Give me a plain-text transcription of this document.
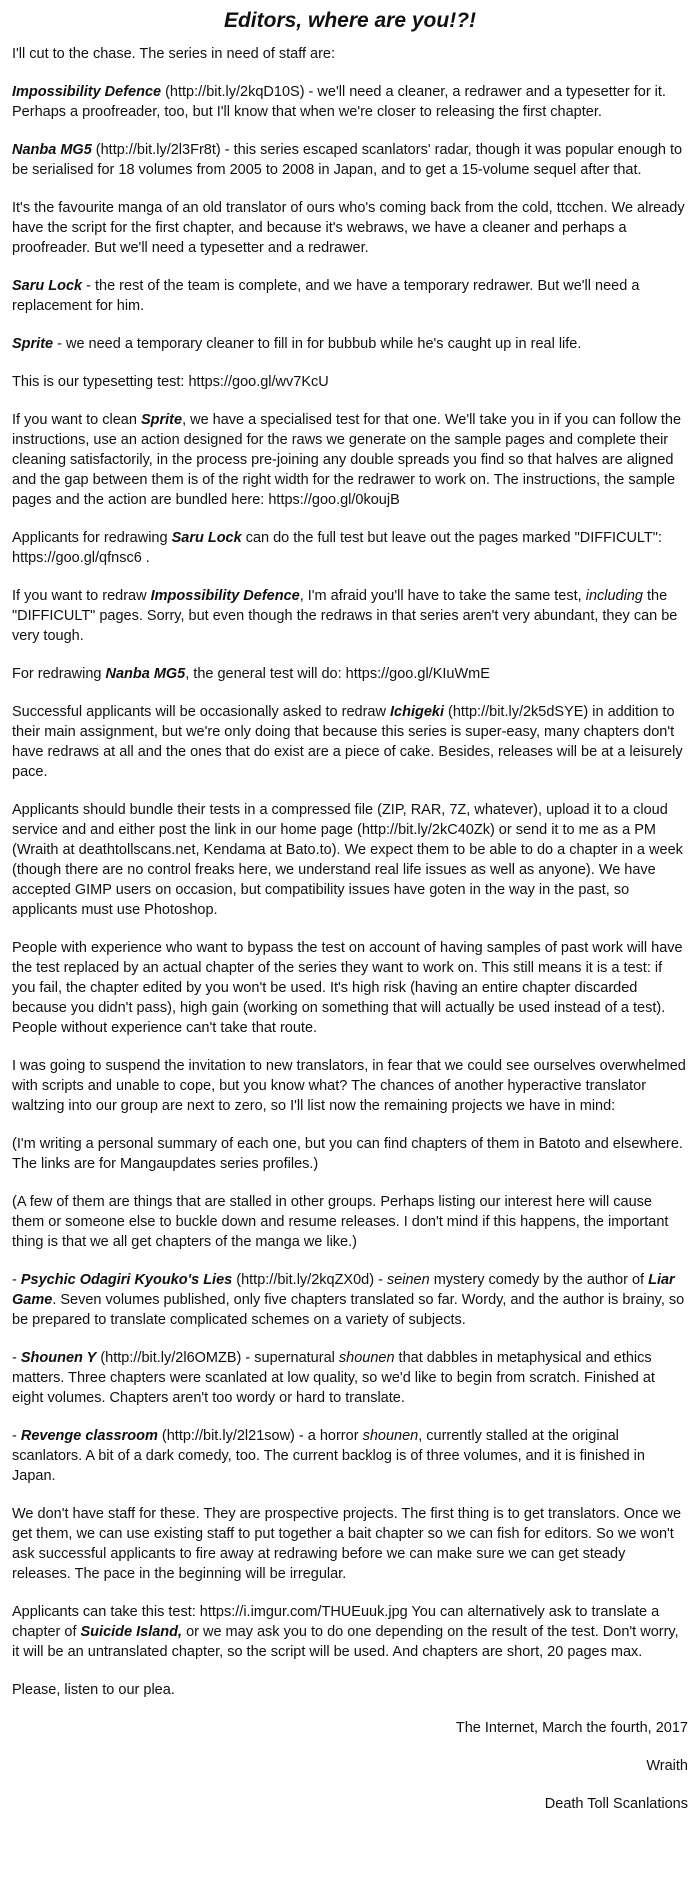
Editors, where are you!?!

I'll cut to the chase. The series in need of staff are:

Impossibility Defence (http://bit.ly/2kqD10S) - we'll need a cleaner, a redrawer and a typesetter for it. Perhaps a proofreader, too, but I'll know that when we're closer to releasing the first chapter.

Nanba MG5 (http://bit.ly/2l3Fr8t) - this series escaped scanlators' radar, though it was popular enough to be serialised for 18 volumes from 2005 to 2008 in Japan, and to get a 15-volume sequel after that.

It's the favourite manga of an old translator of ours who's coming back from the cold, ttcchen. We already have the script for the first chapter, and because it's webraws, we have a cleaner and perhaps a proofreader. But we'll need a typesetter and a redrawer.

Saru Lock - the rest of the team is complete, and we have a temporary redrawer. But we'll need a replacement for him.

Sprite - we need a temporary cleaner to fill in for bubbub while he's caught up in real life.

This is our typesetting test: https://goo.gl/wv7KcU

If you want to clean Sprite, we have a specialised test for that one. We'll take you in if you can follow the instructions, use an action designed for the raws we generate on the sample pages and complete their cleaning satisfactorily, in the process pre-joining any double spreads you find so that halves are aligned and the gap between them is of the right width for the redrawer to work on. The instructions, the sample pages and the action are bundled here: https://goo.gl/0koujB

Applicants for redrawing Saru Lock can do the full test but leave out the pages marked "DIFFICULT": https://goo.gl/qfnsc6 .

If you want to redraw Impossibility Defence, I'm afraid you'll have to take the same test, including the "DIFFICULT" pages. Sorry, but even though the redraws in that series aren't very abundant, they can be very tough.

For redrawing Nanba MG5, the general test will do: https://goo.gl/KIuWmE

Successful applicants will be occasionally asked to redraw Ichigeki (http://bit.ly/2k5dSYE) in addition to their main assignment, but we're only doing that because this series is super-easy, many chapters don't have redraws at all and the ones that do exist are a piece of cake. Besides, releases will be at a leisurely pace.

Applicants should bundle their tests in a compressed file (ZIP, RAR, 7Z, whatever), upload it to a cloud service and and either post the link in our home page (http://bit.ly/2kC40Zk) or send it to me as a PM (Wraith at deathtollscans.net, Kendama at Bato.to). We expect them to be able to do a chapter in a week (though there are no control freaks here, we understand real life issues as well as anyone). We have accepted GIMP users on occasion, but compatibility issues have goten in the way in the past, so applicants must use Photoshop.

People with experience who want to bypass the test on account of having samples of past work will have the test replaced by an actual chapter of the series they want to work on. This still means it is a test: if you fail, the chapter edited by you won't be used. It's high risk (having an entire chapter discarded because you didn't pass), high gain (working on something that will actually be used instead of a test). People without experience can't take that route.

I was going to suspend the invitation to new translators, in fear that we could see ourselves overwhelmed with scripts and unable to cope, but you know what? The chances of another hyperactive translator waltzing into our group are next to zero, so I'll list now the remaining projects we have in mind:

(I'm writing a personal summary of each one, but you can find chapters of them in Batoto and elsewhere. The links are for Mangaupdates series profiles.)

(A few of them are things that are stalled in other groups. Perhaps listing our interest here will cause them or someone else to buckle down and resume releases. I don't mind if this happens, the important thing is that we all get chapters of the manga we like.)

- Psychic Odagiri Kyouko's Lies (http://bit.ly/2kqZX0d) - seinen mystery comedy by the author of Liar Game. Seven volumes published, only five chapters translated so far. Wordy, and the author is brainy, so be prepared to translate complicated schemes on a variety of subjects.

- Shounen Y (http://bit.ly/2l6OMZB) - supernatural shounen that dabbles in metaphysical and ethics matters. Three chapters were scanlated at low quality, so we'd like to begin from scratch. Finished at eight volumes. Chapters aren't too wordy or hard to translate.

- Revenge classroom (http://bit.ly/2l21sow) - a horror shounen, currently stalled at the original scanlators. A bit of a dark comedy, too. The current backlog is of three volumes, and it is finished in Japan.

We don't have staff for these. They are prospective projects. The first thing is to get translators. Once we get them, we can use existing staff to put together a bait chapter so we can fish for editors. So we won't ask successful applicants to fire away at redrawing before we can make sure we can get steady releases. The pace in the beginning will be irregular.

Applicants can take this test: https://i.imgur.com/THUEuuk.jpg You can alternatively ask to translate a chapter of Suicide Island, or we may ask you to do one depending on the result of the test. Don't worry, it will be an untranslated chapter, so the script will be used. And chapters are short, 20 pages max.

Please, listen to our plea.

The Internet, March the fourth, 2017
Wraith
Death Toll Scanlations
